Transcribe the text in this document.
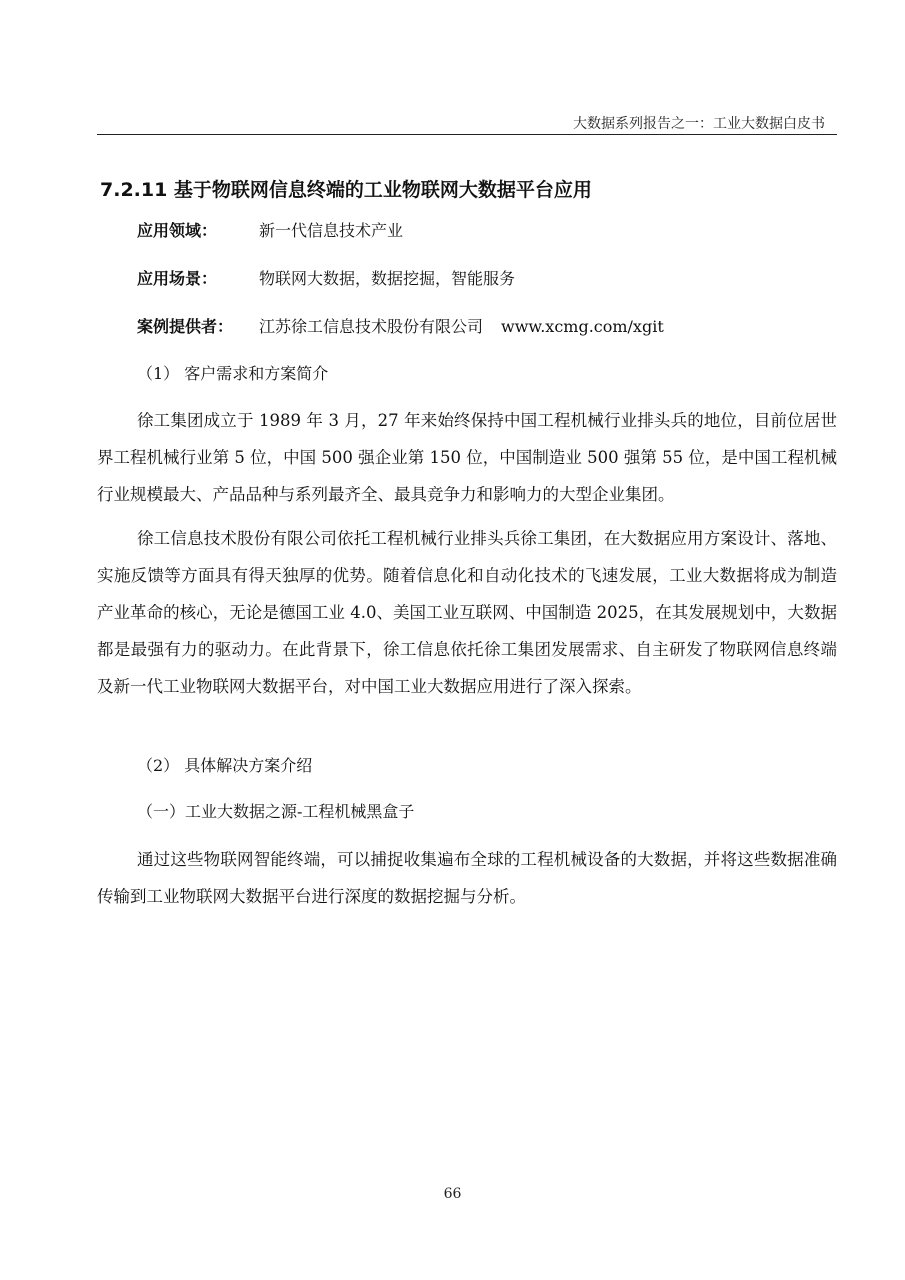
大数据系列报告之一：工业大数据白皮书
7.2.11 基于物联网信息终端的工业物联网大数据平台应用
应用领域：	新一代信息技术产业
应用场景：	物联网大数据，数据挖掘，智能服务
案例提供者： 江苏徐工信息技术股份有限公司 www.xcmg.com/xgit
（1） 客户需求和方案简介

徐工集团成立于 1989 年 3 月，27 年来始终保持中国工程机械行业排头兵的地位，目前位居世界工程机械行业第 5 位，中国 500 强企业第 150 位，中国制造业 500 强第 55 位，是中国工程机械行业规模最大、产品品种与系列最齐全、最具竞争力和影响力的大型企业集团。

徐工信息技术股份有限公司依托工程机械行业排头兵徐工集团，在大数据应用方案设计、落地、实施反馈等方面具有得天独厚的优势。随着信息化和自动化技术的飞速发展，工业大数据将成为制造产业革命的核心，无论是德国工业 4.0、美国工业互联网、中国制造 2025，在其发展规划中，大数据都是最强有力的驱动力。在此背景下，徐工信息依托徐工集团发展需求、自主研发了物联网信息终端及新一代工业物联网大数据平台，对中国工业大数据应用进行了深入探索。

（2） 具体解决方案介绍
（一）工业大数据之源-工程机械黑盒子

通过这些物联网智能终端，可以捕捉收集遍布全球的工程机械设备的大数据，并将这些数据准确传输到工业物联网大数据平台进行深度的数据挖掘与分析。

66
